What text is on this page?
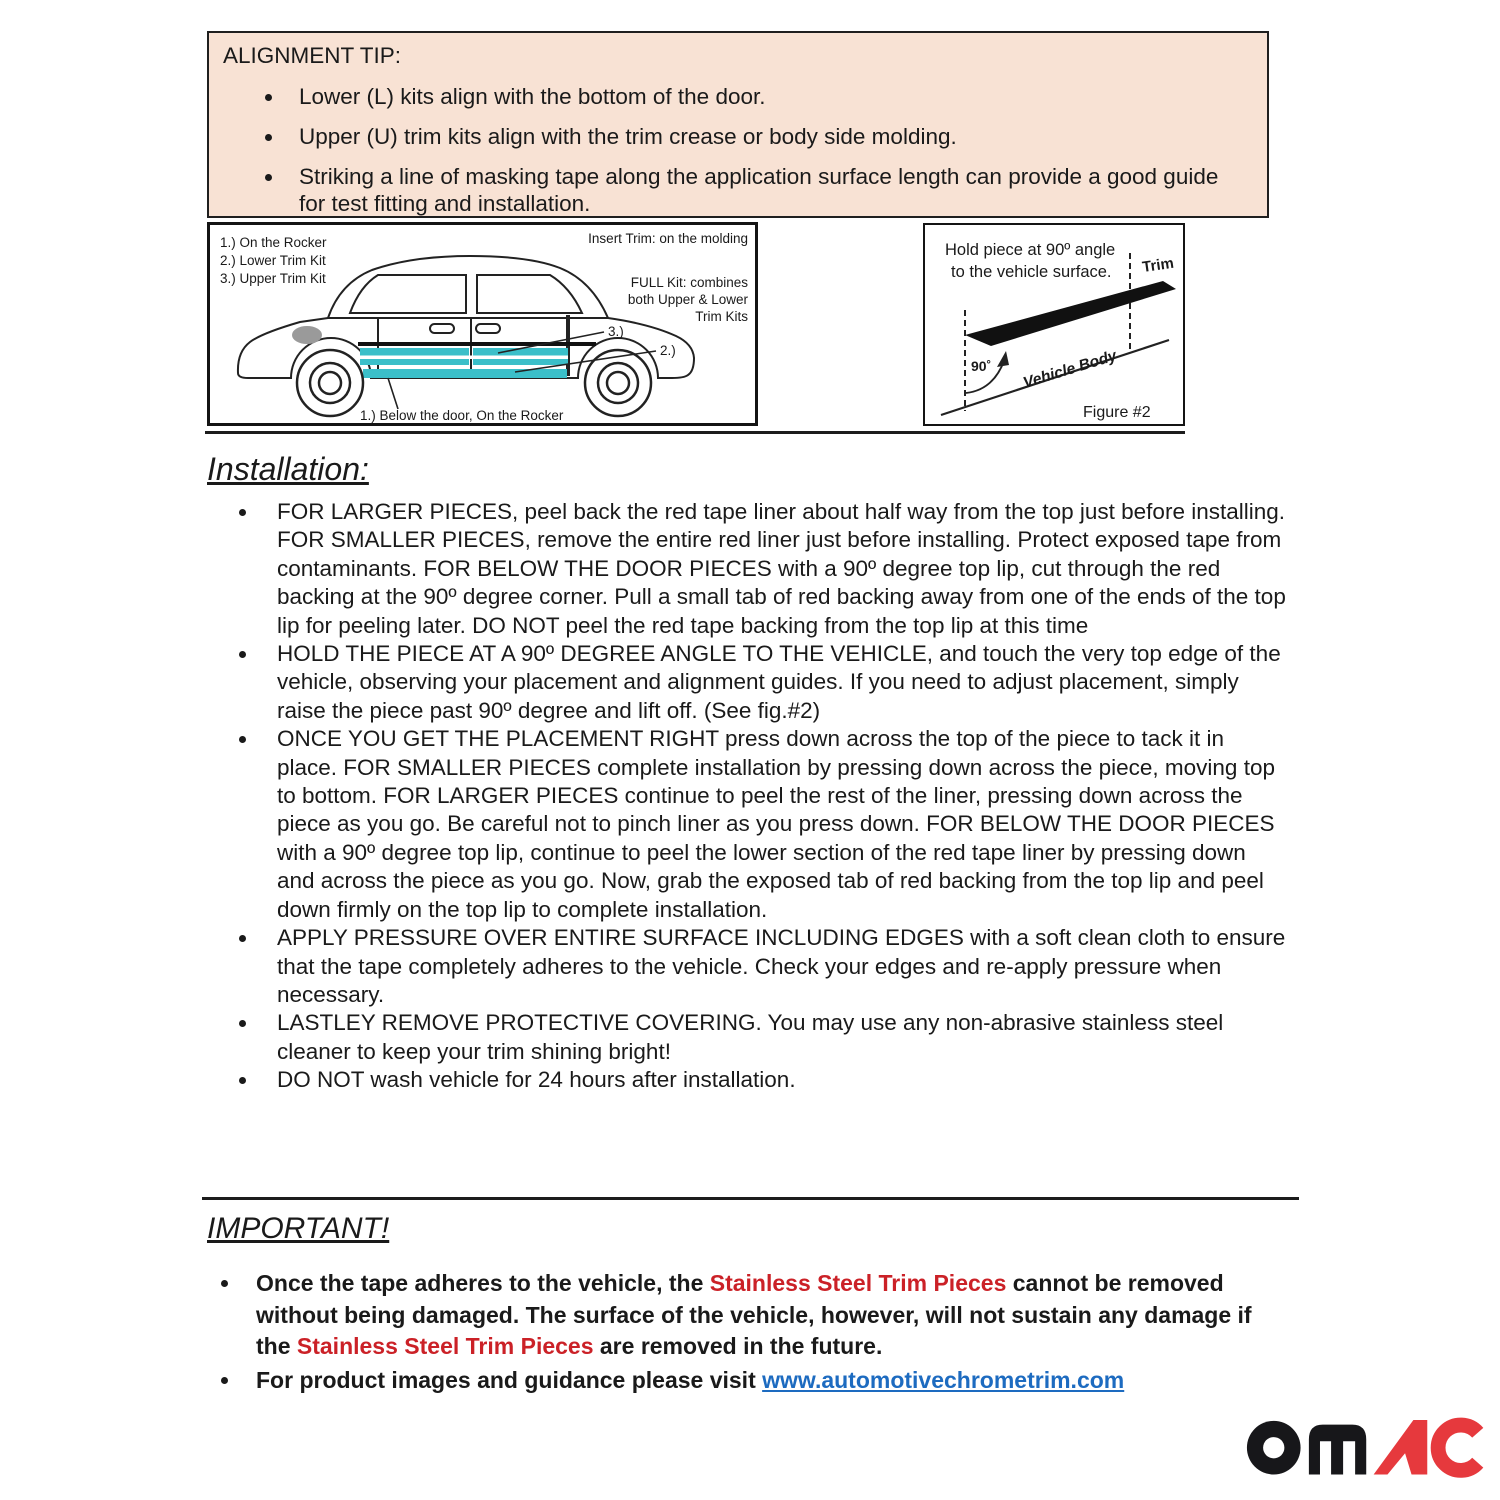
ALIGNMENT TIP:
• Lower (L) kits align with the bottom of the door.
• Upper (U) trim kits align with the trim crease or body side molding.
• Striking a line of masking tape along the application surface length can provide a good guide for test fitting and installation.
1.) On the Rocker
2.) Lower Trim Kit
3.) Upper Trim Kit
Insert Trim: on the molding
FULL Kit: combines
both Upper & Lower
Trim Kits
3.)
2.)
1.) Below the door, On the Rocker
Hold piece at 90º angle
to the vehicle surface. Trim
90˚ Vehicle Body
Figure #2
Installation:
• FOR LARGER PIECES, peel back the red tape liner about half way from the top just before installing. FOR SMALLER PIECES, remove the entire red liner just before installing. Protect exposed tape from contaminants. FOR BELOW THE DOOR PIECES with a 90º degree top lip, cut through the red backing at the 90º degree corner. Pull a small tab of red backing away from one of the ends of the top lip for peeling later. DO NOT peel the red tape backing from the top lip at this time
• HOLD THE PIECE AT A 90º DEGREE ANGLE TO THE VEHICLE, and touch the very top edge of the vehicle, observing your placement and alignment guides. If you need to adjust placement, simply raise the piece past 90º degree and lift off. (See fig.#2)
• ONCE YOU GET THE PLACEMENT RIGHT press down across the top of the piece to tack it in place. FOR SMALLER PIECES complete installation by pressing down across the piece, moving top to bottom. FOR LARGER PIECES continue to peel the rest of the liner, pressing down across the piece as you go. Be careful not to pinch liner as you press down. FOR BELOW THE DOOR PIECES with a 90º degree top lip, continue to peel the lower section of the red tape liner by pressing down and across the piece as you go. Now, grab the exposed tab of red backing from the top lip and peel down firmly on the top lip to complete installation.
• APPLY PRESSURE OVER ENTIRE SURFACE INCLUDING EDGES with a soft clean cloth to ensure that the tape completely adheres to the vehicle. Check your edges and re-apply pressure when necessary.
• LASTLEY REMOVE PROTECTIVE COVERING. You may use any non-abrasive stainless steel cleaner to keep your trim shining bright!
• DO NOT wash vehicle for 24 hours after installation.
IMPORTANT!
• Once the tape adheres to the vehicle, the Stainless Steel Trim Pieces cannot be removed without being damaged. The surface of the vehicle, however, will not sustain any damage if the Stainless Steel Trim Pieces are removed in the future.
• For product images and guidance please visit www.automotivechrometrim.com
